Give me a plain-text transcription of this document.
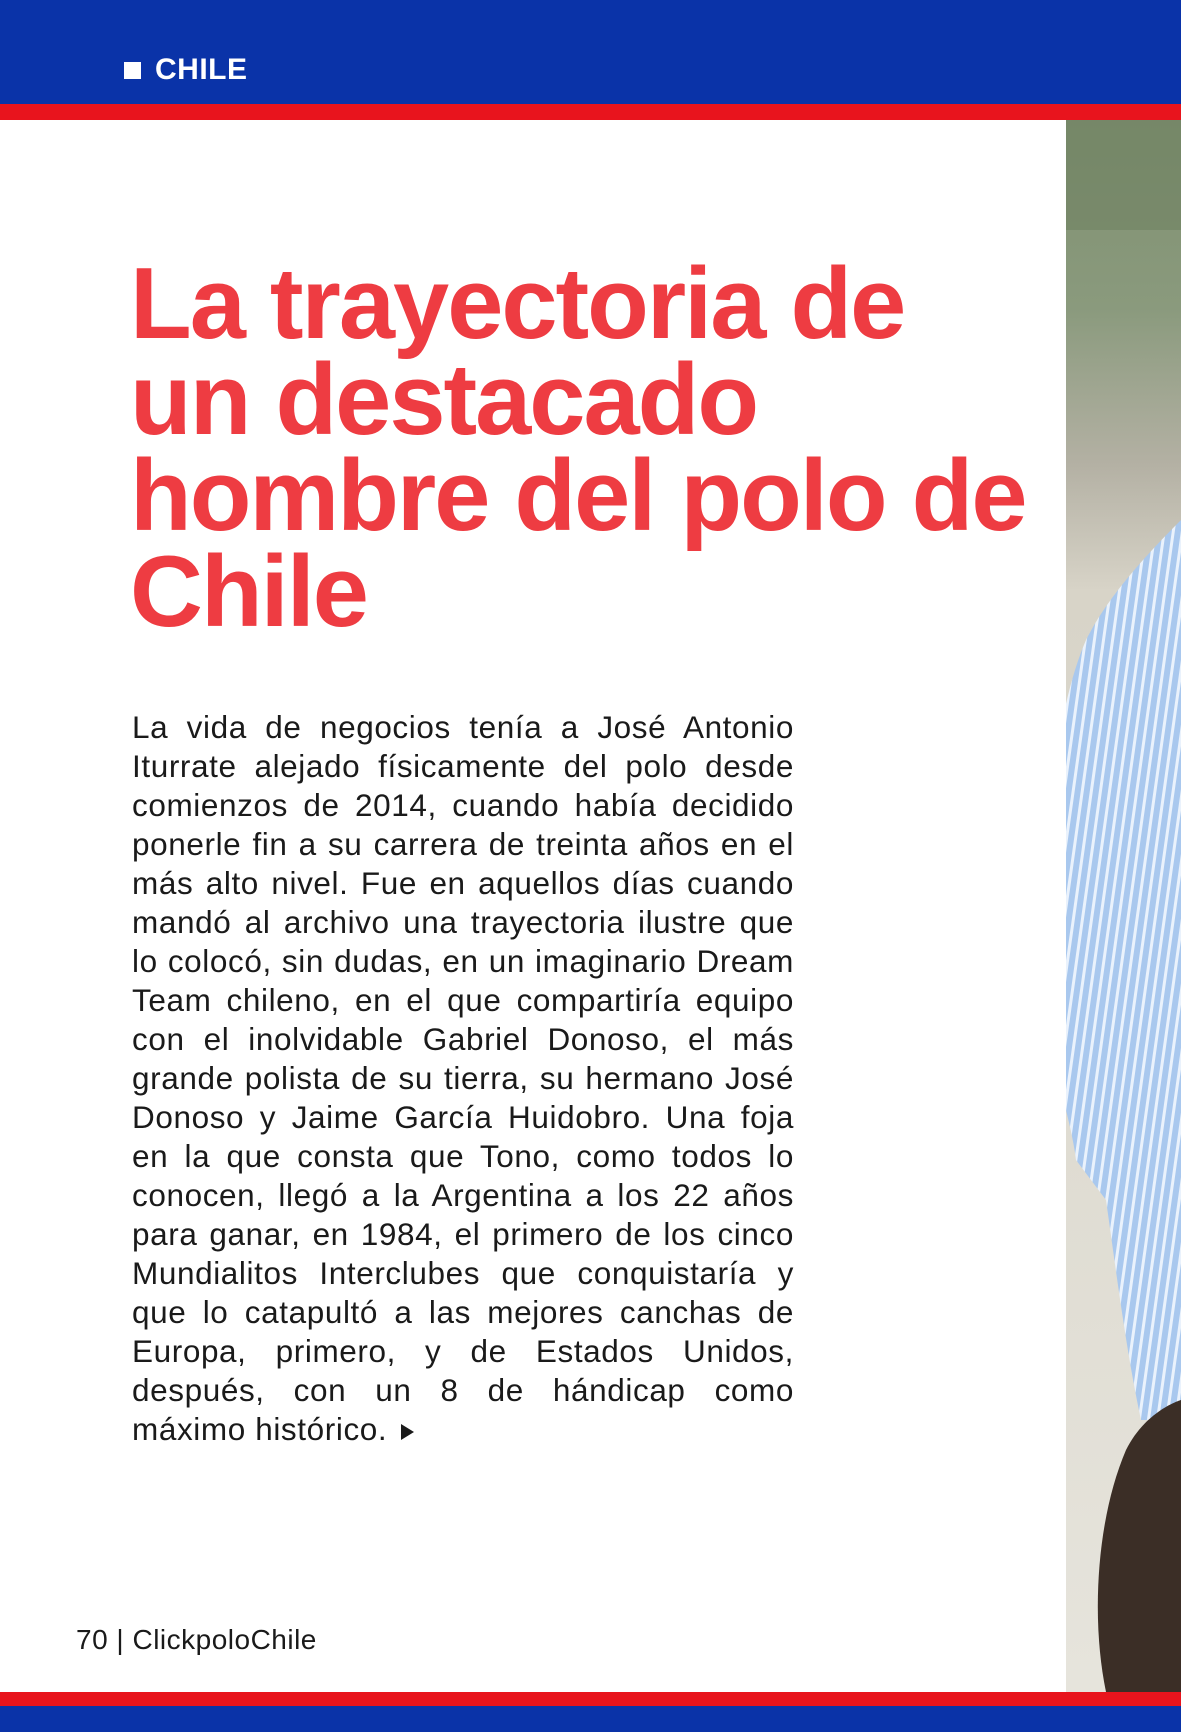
CHILE
La trayectoria de un destacado hombre del polo de Chile

La vida de negocios tenía a José Antonio Iturrate alejado físicamente del polo desde comienzos de 2014, cuando había decidido ponerle fin a su carrera de treinta años en el más alto nivel. Fue en aquellos días cuando mandó al archivo una trayectoria ilustre que lo colocó, sin dudas, en un imaginario Dream Team chileno, en el que compartiría equipo con el inolvidable Gabriel Donoso, el más grande polista de su tierra, su hermano José Donoso y Jaime García Huidobro. Una foja en la que consta que Tono, como todos lo conocen, llegó a la Argentina a los 22 años para ganar, en 1984, el primero de los cinco Mundialitos Interclubes que conquistaría y que lo catapultó a las mejores canchas de Europa, primero, y de Estados Unidos, después, con un 8 de hándicap como máximo histórico.

70 | ClickpoloChile
